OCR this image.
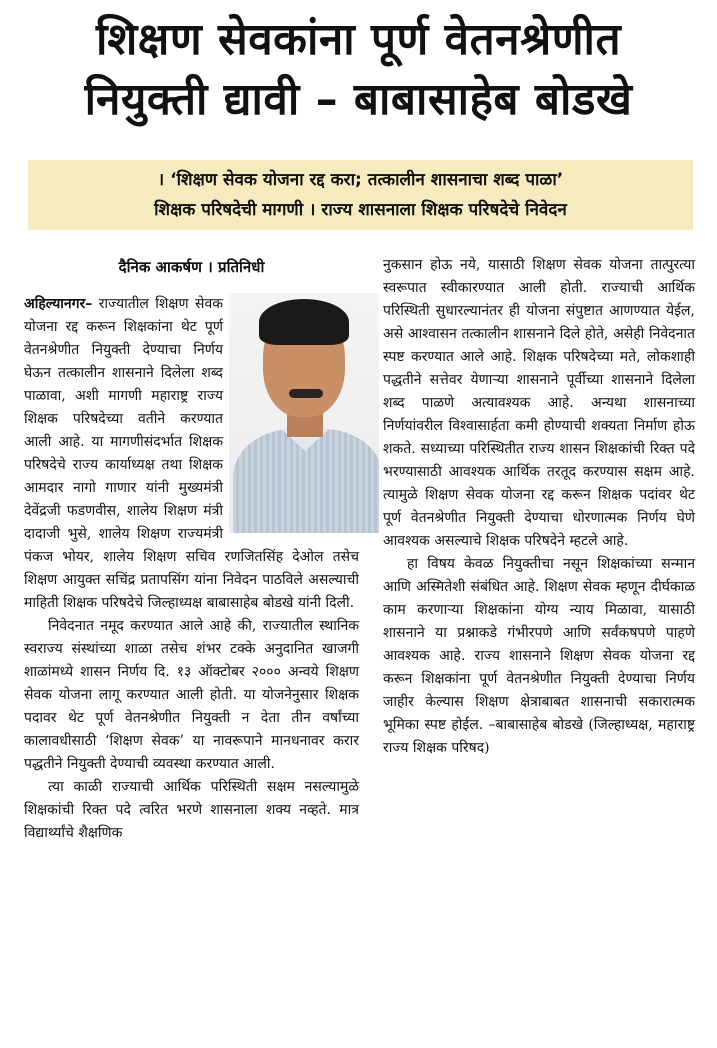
शिक्षण सेवकांना पूर्ण वेतनश्रेणीत
नियुक्ती द्यावी – बाबासाहेब बोडखे
। ‘शिक्षण सेवक योजना रद्द करा; तत्कालीन शासनाचा शब्द पाळा’
शिक्षक परिषदेची मागणी । राज्य शासनाला शिक्षक परिषदेचे निवेदन
दैनिक आकर्षण । प्रतिनिधी

अहिल्यानगर– राज्यातील शिक्षण सेवक योजना रद्द करून शिक्षकांना थेट पूर्ण वेतनश्रेणीत नियुक्ती देण्याचा निर्णय घेऊन तत्कालीन शासनाने दिलेला शब्द पाळावा, अशी मागणी महाराष्ट्र राज्य शिक्षक परिषदेच्या वतीने करण्यात आली आहे. या मागणीसंदर्भात शिक्षक परिषदेचे राज्य कार्याध्यक्ष तथा शिक्षक आमदार नागो गाणार यांनी मुख्यमंत्री देवेंद्रजी फडणवीस, शालेय शिक्षण मंत्री दादाजी भुसे, शालेय शिक्षण राज्यमंत्री पंकज भोयर, शालेय शिक्षण सचिव रणजितसिंह देओल तसेच शिक्षण आयुक्त सचिंद्र प्रतापसिंग यांना निवेदन पाठविले असल्याची माहिती शिक्षक परिषदेचे जिल्हाध्यक्ष बाबासाहेब बोडखे यांनी दिली.

निवेदनात नमूद करण्यात आले आहे की, राज्यातील स्थानिक स्वराज्य संस्थांच्या शाळा तसेच शंभर टक्के अनुदानित खाजगी शाळांमध्ये शासन निर्णय दि. १३ ऑक्टोबर २००० अन्वये शिक्षण सेवक योजना लागू करण्यात आली होती. या योजनेनुसार शिक्षक पदावर थेट पूर्ण वेतनश्रेणीत नियुक्ती न देता तीन वर्षांच्या कालावधीसाठी ‘शिक्षण सेवक’ या नावरूपाने मानधनावर करार पद्धतीने नियुक्ती देण्याची व्यवस्था करण्यात आली.

त्या काळी राज्याची आर्थिक परिस्थिती सक्षम नसल्यामुळे शिक्षकांची रिक्त पदे त्वरित भरणे शासनाला शक्य नव्हते. मात्र विद्यार्थ्यांचे शैक्षणिक

नुकसान होऊ नये, यासाठी शिक्षण सेवक योजना तात्पुरत्या स्वरूपात स्वीकारण्यात आली होती. राज्याची आर्थिक परिस्थिती सुधारल्यानंतर ही योजना संपुष्टात आणण्यात येईल, असे आश्वासन तत्कालीन शासनाने दिले होते, असेही निवेदनात स्पष्ट करण्यात आले आहे. शिक्षक परिषदेच्या मते, लोकशाही पद्धतीने सत्तेवर येणाऱ्या शासनाने पूर्वीच्या शासनाने दिलेला शब्द पाळणे अत्यावश्यक आहे. अन्यथा शासनाच्या निर्णयांवरील विश्वासार्हता कमी होण्याची शक्यता निर्माण होऊ शकते. सध्याच्या परिस्थितीत राज्य शासन शिक्षकांची रिक्त पदे भरण्यासाठी आवश्यक आर्थिक तरतूद करण्यास सक्षम आहे. त्यामुळे शिक्षण सेवक योजना रद्द करून शिक्षक पदांवर थेट पूर्ण वेतनश्रेणीत नियुक्ती देण्याचा धोरणात्मक निर्णय घेणे आवश्यक असल्याचे शिक्षक परिषदेने म्हटले आहे.

हा विषय केवळ नियुक्तीचा नसून शिक्षकांच्या सन्मान आणि अस्मितेशी संबंधित आहे. शिक्षण सेवक म्हणून दीर्घकाळ काम करणाऱ्या शिक्षकांना योग्य न्याय मिळावा, यासाठी शासनाने या प्रश्नाकडे गंभीरपणे आणि सर्वंकषपणे पाहणे आवश्यक आहे. राज्य शासनाने शिक्षण सेवक योजना रद्द करून शिक्षकांना पूर्ण वेतनश्रेणीत नियुक्ती देण्याचा निर्णय जाहीर केल्यास शिक्षण क्षेत्राबाबत शासनाची सकारात्मक भूमिका स्पष्ट होईल. –बाबासाहेब बोडखे (जिल्हाध्यक्ष, महाराष्ट्र राज्य शिक्षक परिषद)
